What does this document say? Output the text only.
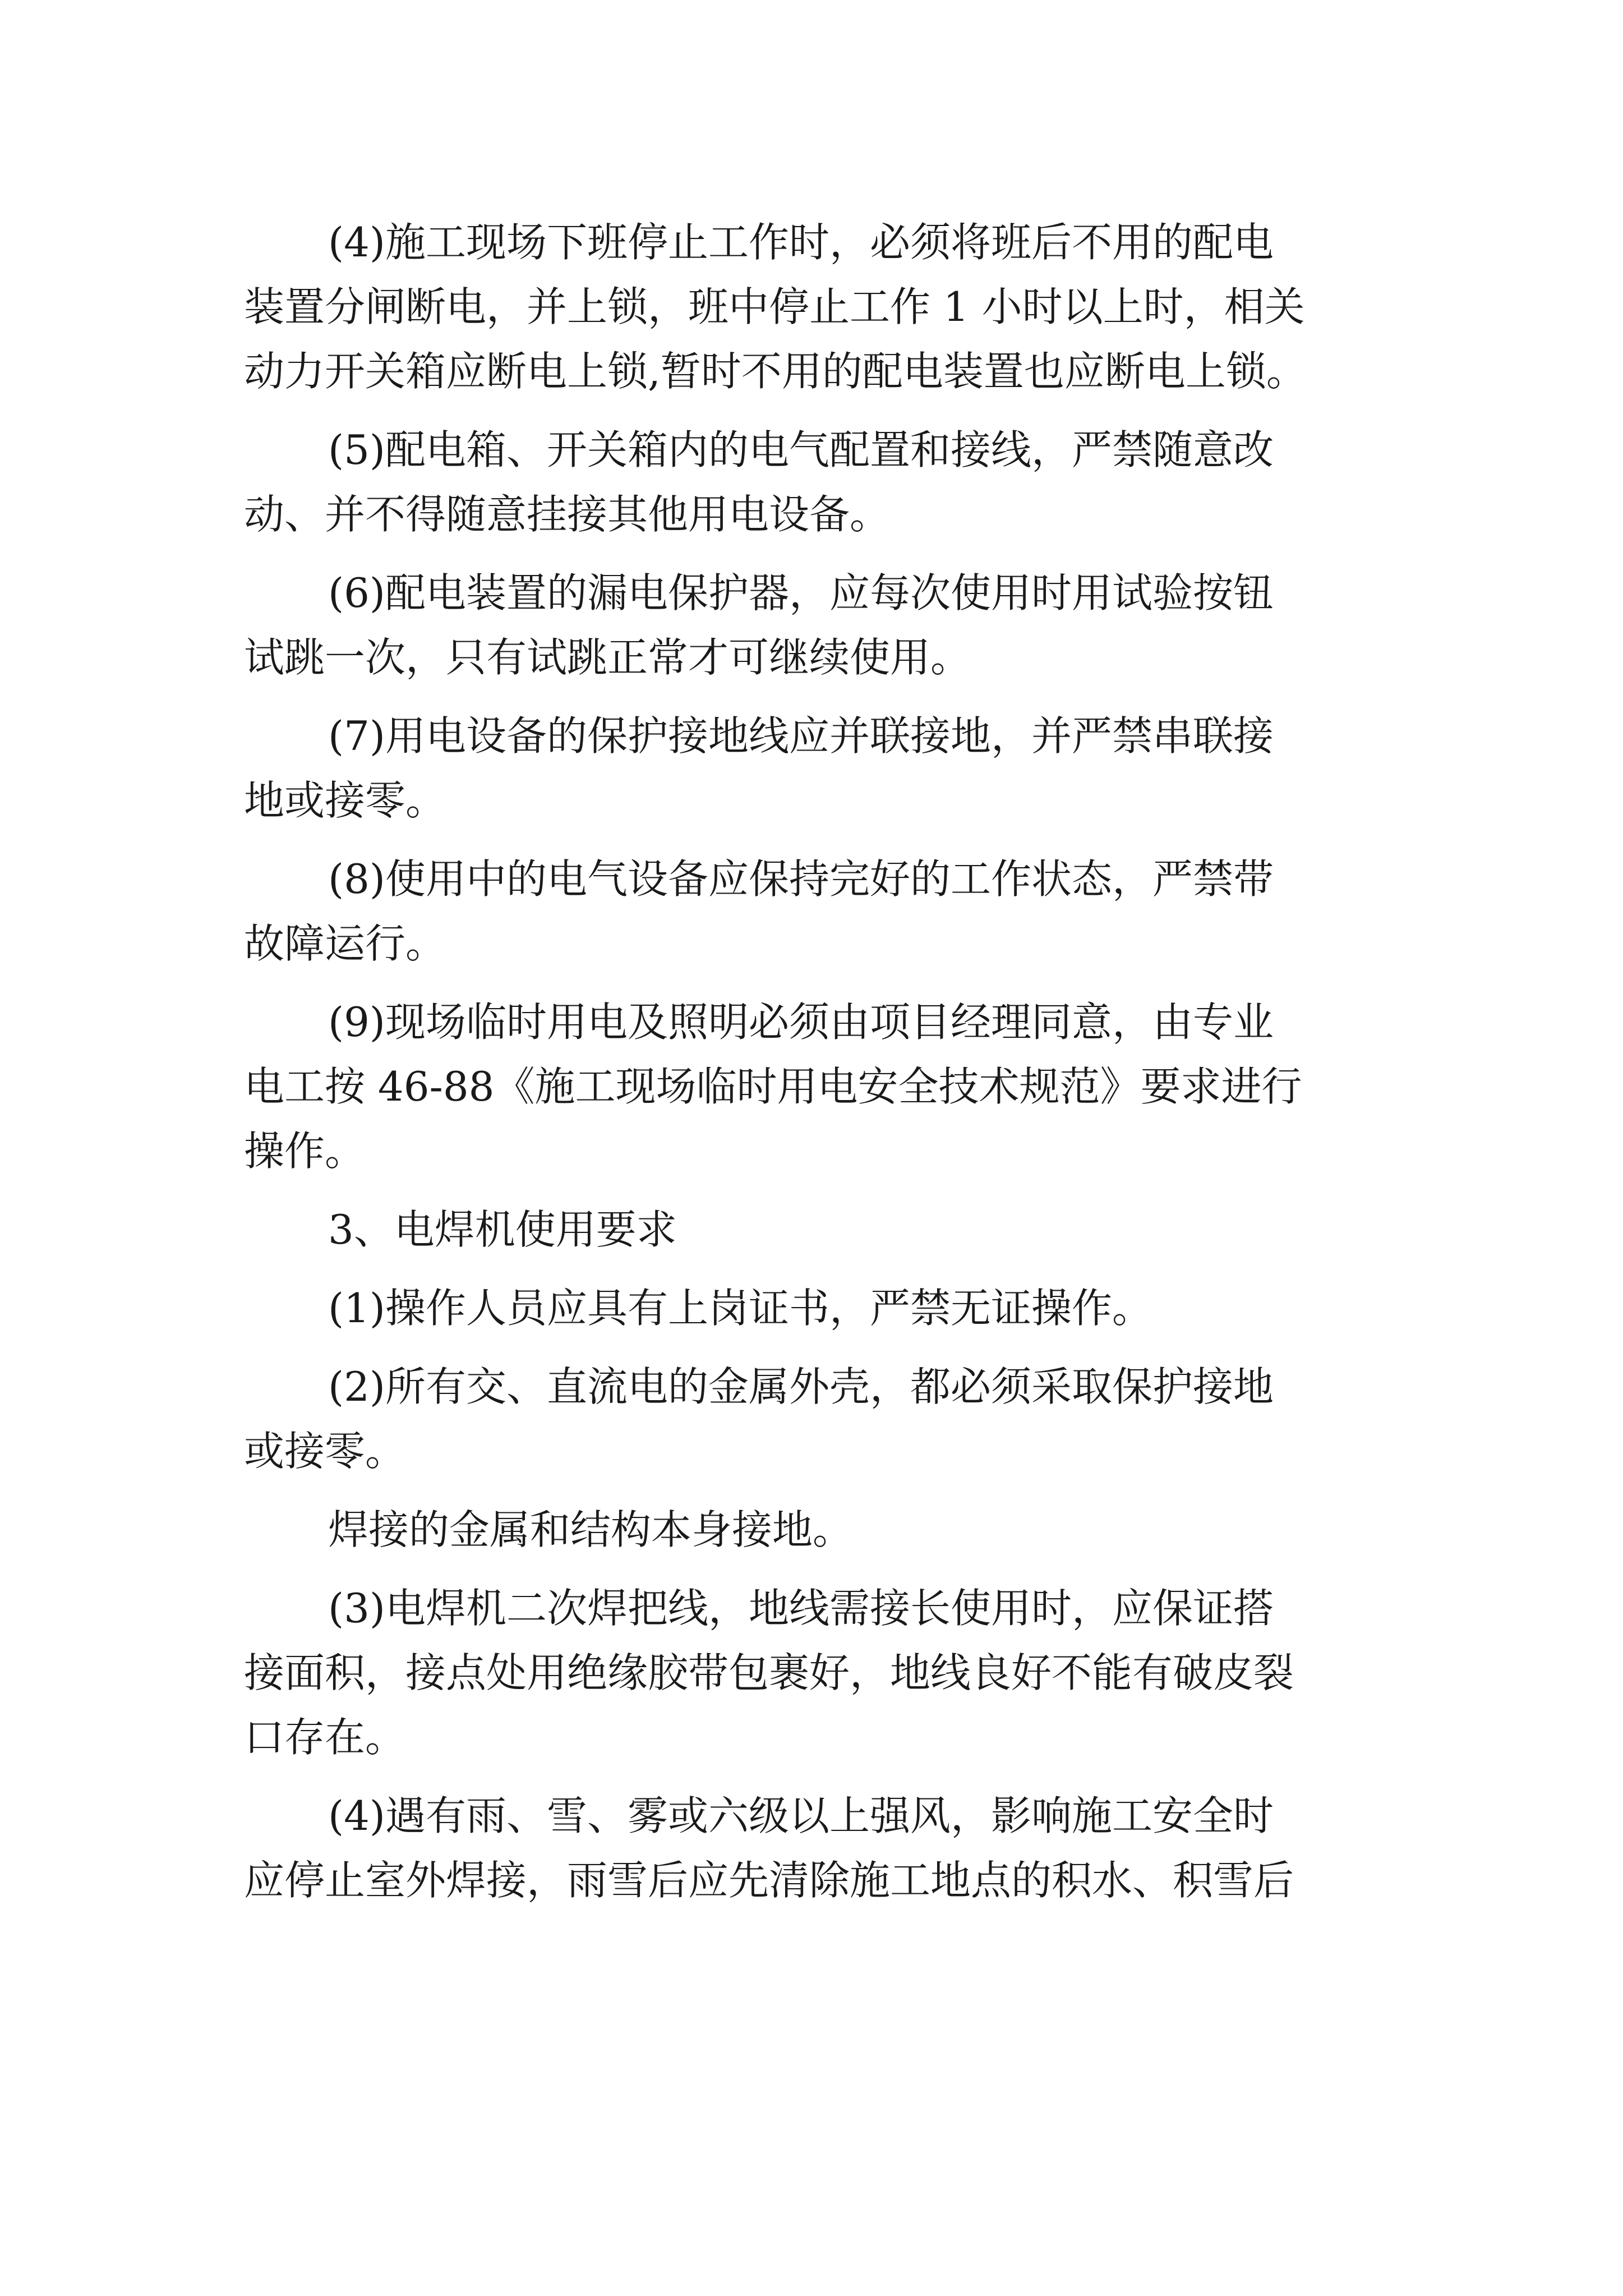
(4)施工现场下班停止工作时，必须将班后不用的配电
装置分闸断电，并上锁，班中停止工作 1 小时以上时，相关
动力开关箱应断电上锁,暂时不用的配电装置也应断电上锁。

(5)配电箱、开关箱内的电气配置和接线，严禁随意改
动、并不得随意挂接其他用电设备。

(6)配电装置的漏电保护器，应每次使用时用试验按钮
试跳一次，只有试跳正常才可继续使用。

(7)用电设备的保护接地线应并联接地，并严禁串联接
地或接零。

(8)使用中的电气设备应保持完好的工作状态，严禁带
故障运行。

(9)现场临时用电及照明必须由项目经理同意，由专业
电工按 46-88《施工现场临时用电安全技术规范》要求进行
操作。

3、电焊机使用要求

(1)操作人员应具有上岗证书，严禁无证操作。

(2)所有交、直流电的金属外壳，都必须采取保护接地
或接零。

焊接的金属和结构本身接地。

(3)电焊机二次焊把线，地线需接长使用时，应保证搭
接面积，接点处用绝缘胶带包裹好，地线良好不能有破皮裂
口存在。

(4)遇有雨、雪、雾或六级以上强风，影响施工安全时
应停止室外焊接，雨雪后应先清除施工地点的积水、积雪后
